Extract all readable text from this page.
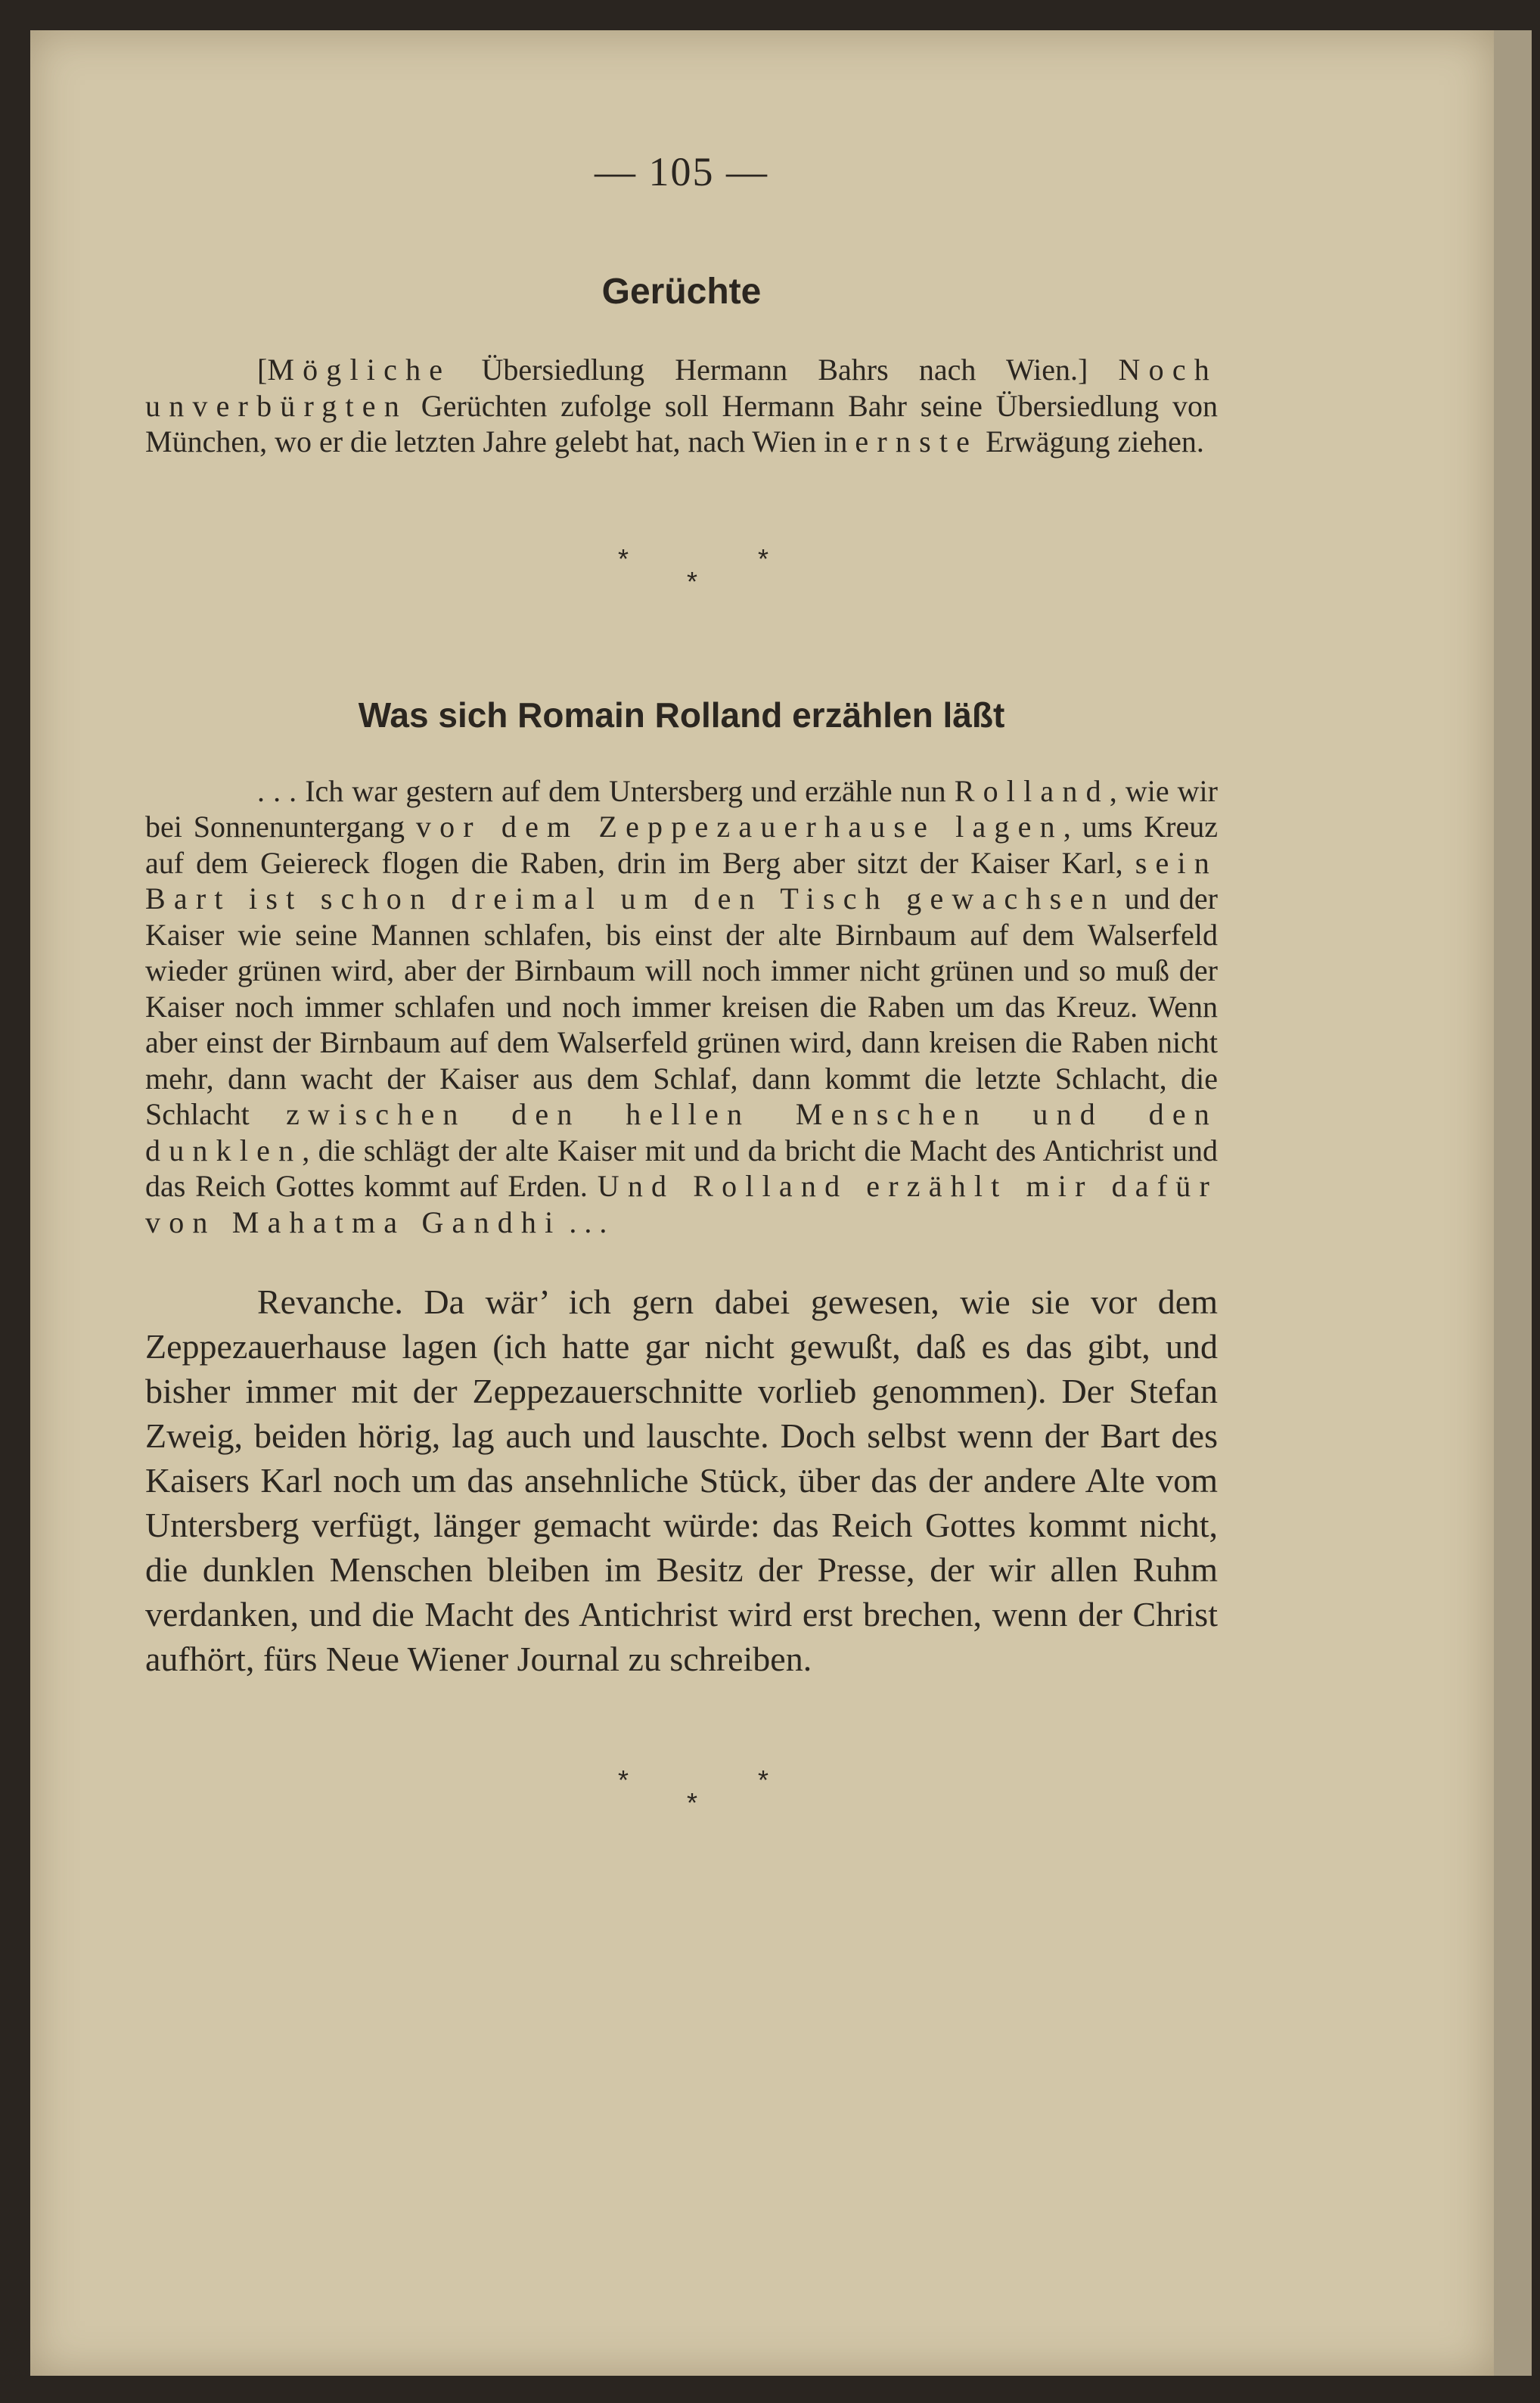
— 105 —
Gerüchte

[Mögliche Übersiedlung Hermann Bahrs nach Wien.] Noch unverbürgten Gerüchten zufolge soll Hermann Bahr seine Übersiedlung von München, wo er die letzten Jahre gelebt hat, nach Wien in ernste Erwägung ziehen.

*	*
*
Was sich Romain Rolland erzählen läßt

. . . Ich war gestern auf dem Untersberg und erzähle nun Rolland, wie wir bei Sonnenuntergang vor dem Zeppezauerhause lagen, ums Kreuz auf dem Geiereck flogen die Raben, drin im Berg aber sitzt der Kaiser Karl, sein Bart ist schon dreimal um den Tisch gewachsen und der Kaiser wie seine Mannen schlafen, bis einst der alte Birnbaum auf dem Walserfeld wieder grünen wird, aber der Birnbaum will noch immer nicht grünen und so muß der Kaiser noch immer schlafen und noch immer kreisen die Raben um das Kreuz. Wenn aber einst der Birnbaum auf dem Walserfeld grünen wird, dann kreisen die Raben nicht mehr, dann wacht der Kaiser aus dem Schlaf, dann kommt die letzte Schlacht, die Schlacht zwischen den hellen Menschen und den dunklen, die schlägt der alte Kaiser mit und da bricht die Macht des Antichrist und das Reich Gottes kommt auf Erden. Und Rolland erzählt mir dafür von Mahatma Gandhi . . .

Revanche. Da wär’ ich gern dabei gewesen, wie sie vor dem Zeppezauerhause lagen (ich hatte gar nicht gewußt, daß es das gibt, und bisher immer mit der Zeppezauerschnitte vorlieb genommen). Der Stefan Zweig, beiden hörig, lag auch und lauschte. Doch selbst wenn der Bart des Kaisers Karl noch um das ansehnliche Stück, über das der andere Alte vom Untersberg verfügt, länger gemacht würde: das Reich Gottes kommt nicht, die dunklen Menschen bleiben im Besitz der Presse, der wir allen Ruhm verdanken, und die Macht des Antichrist wird erst brechen, wenn der Christ aufhört, fürs Neue Wiener Journal zu schreiben.

*	*
*
